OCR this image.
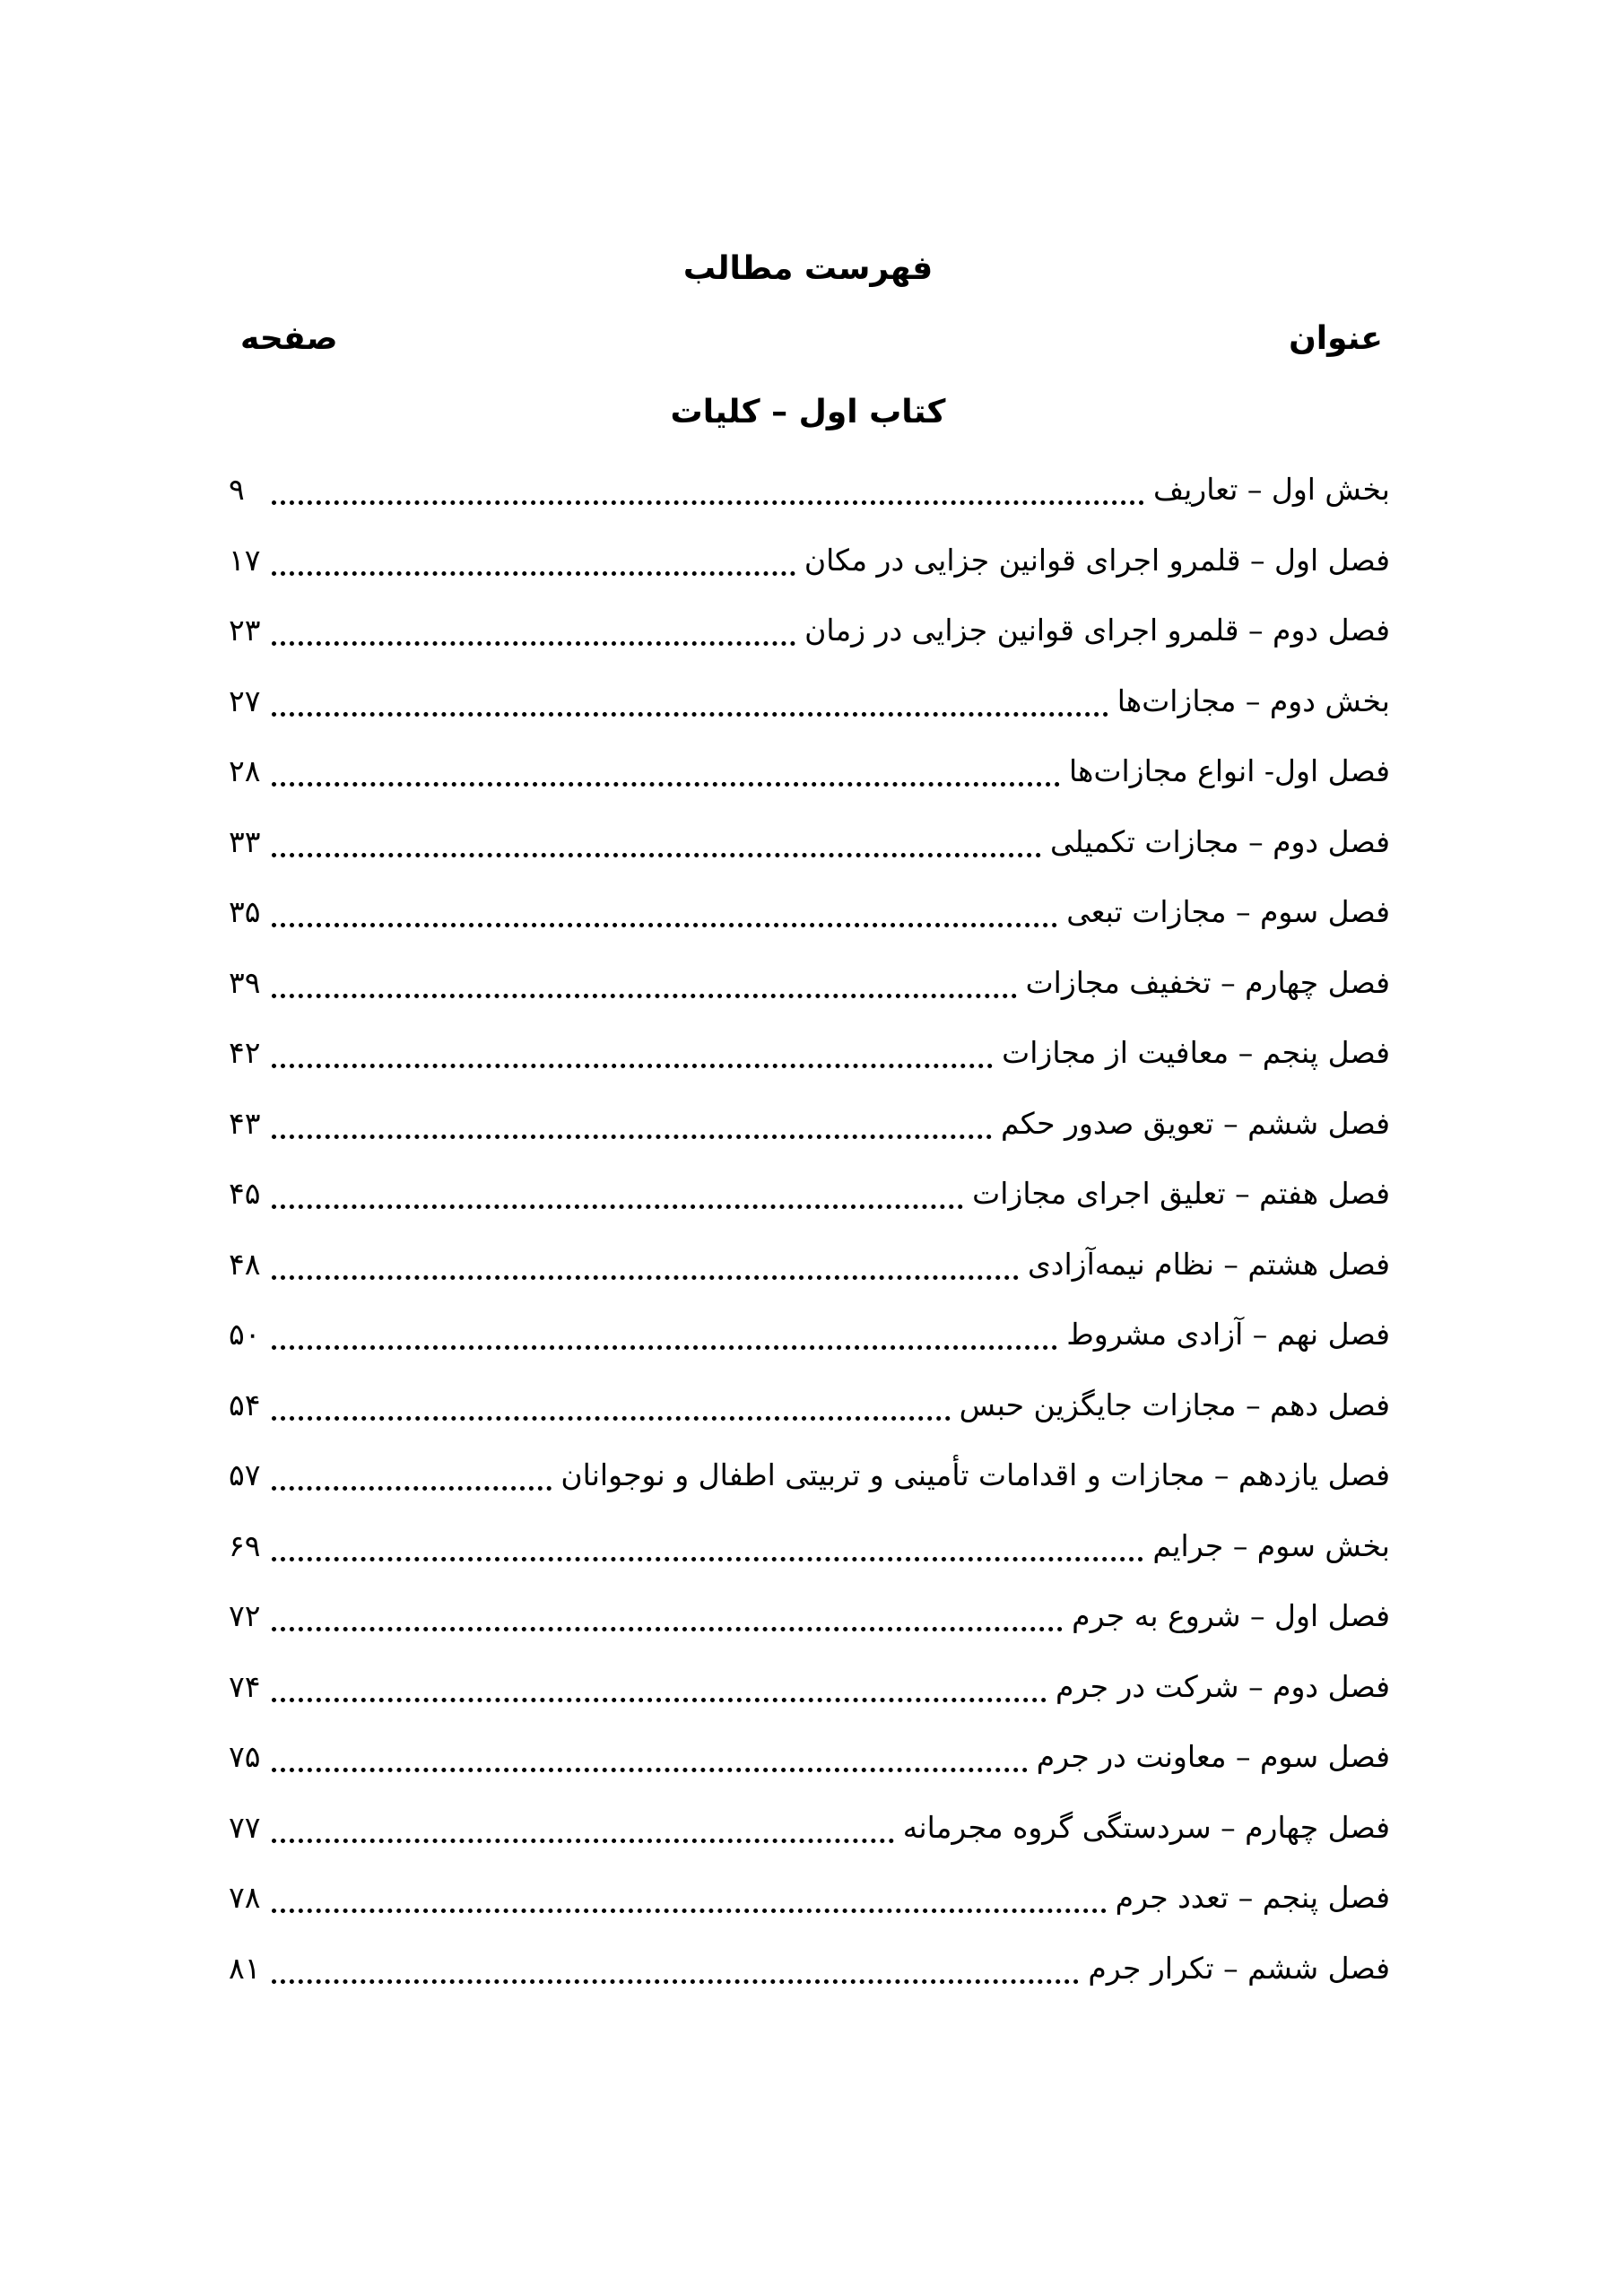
فهرست مطالب
عنوان
صفحه
کتاب اول – کلیات
بخش اول – تعاریف
۹
فصل اول – قلمرو اجرای قوانین جزایی در مکان
۱۷
فصل دوم – قلمرو اجرای قوانین جزایی در زمان
۲۳
بخش دوم – مجازات‌ها
۲۷
فصل اول- انواع مجازات‌ها
۲۸
فصل دوم – مجازات تکمیلی
۳۳
فصل سوم – مجازات تبعی
۳۵
فصل چهارم – تخفیف مجازات
۳۹
فصل پنجم – معافیت از مجازات
۴۲
فصل ششم – تعویق صدور حکم
۴۳
فصل هفتم – تعلیق اجرای مجازات
۴۵
فصل هشتم – نظام نیمه‌آزادی
۴۸
فصل نهم – آزادی مشروط
۵۰
فصل دهم – مجازات جایگزین حبس
۵۴
فصل یازدهم – مجازات و اقدامات تأمینی و تربیتی اطفال و نوجوانان
۵۷
بخش سوم – جرایم
۶۹
فصل اول – شروع به جرم
۷۲
فصل دوم – شرکت در جرم
۷۴
فصل سوم – معاونت در جرم
۷۵
فصل چهارم – سردستگی گروه مجرمانه
۷۷
فصل پنجم – تعدد جرم
۷۸
فصل ششم – تکرار جرم
۸۱
